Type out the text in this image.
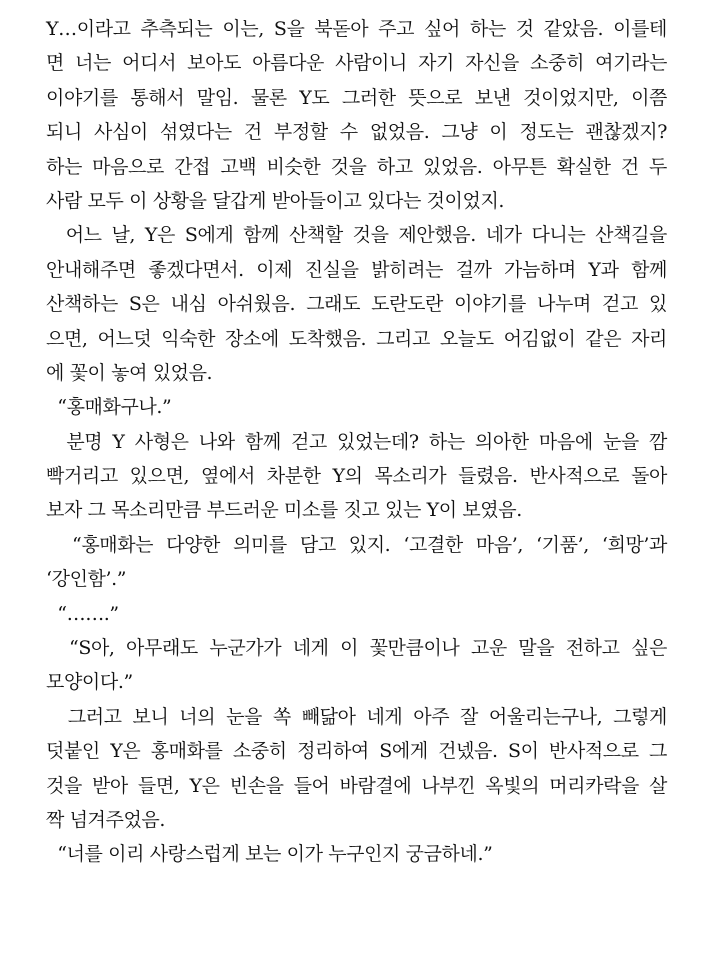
Y…이라고 추측되는 이는, S을 북돋아 주고 싶어 하는 것 같았음. 이를테
면 너는 어디서 보아도 아름다운 사람이니 자기 자신을 소중히 여기라는
이야기를 통해서 말임. 물론 Y도 그러한 뜻으로 보낸 것이었지만, 이쯤
되니 사심이 섞였다는 건 부정할 수 없었음. 그냥 이 정도는 괜찮겠지?
하는 마음으로 간접 고백 비슷한 것을 하고 있었음. 아무튼 확실한 건 두
사람 모두 이 상황을 달갑게 받아들이고 있다는 것이었지.
어느 날, Y은 S에게 함께 산책할 것을 제안했음. 네가 다니는 산책길을
안내해주면 좋겠다면서. 이제 진실을 밝히려는 걸까 가늠하며 Y과 함께
산책하는 S은 내심 아쉬웠음. 그래도 도란도란 이야기를 나누며 걷고 있
으면, 어느덧 익숙한 장소에 도착했음. 그리고 오늘도 어김없이 같은 자리
에 꽃이 놓여 있었음.
“홍매화구나.”
분명 Y 사형은 나와 함께 걷고 있었는데? 하는 의아한 마음에 눈을 깜
빡거리고 있으면, 옆에서 차분한 Y의 목소리가 들렸음. 반사적으로 돌아
보자 그 목소리만큼 부드러운 미소를 짓고 있는 Y이 보였음.
“홍매화는 다양한 의미를 담고 있지. ‘고결한 마음’, ‘기품’, ‘희망’과
‘강인함’.”
“…….”
“S아, 아무래도 누군가가 네게 이 꽃만큼이나 고운 말을 전하고 싶은
모양이다.”
그러고 보니 너의 눈을 쏙 빼닮아 네게 아주 잘 어울리는구나, 그렇게
덧붙인 Y은 홍매화를 소중히 정리하여 S에게 건넸음. S이 반사적으로 그
것을 받아 들면, Y은 빈손을 들어 바람결에 나부낀 옥빛의 머리카락을 살
짝 넘겨주었음.
“너를 이리 사랑스럽게 보는 이가 누구인지 궁금하네.”
